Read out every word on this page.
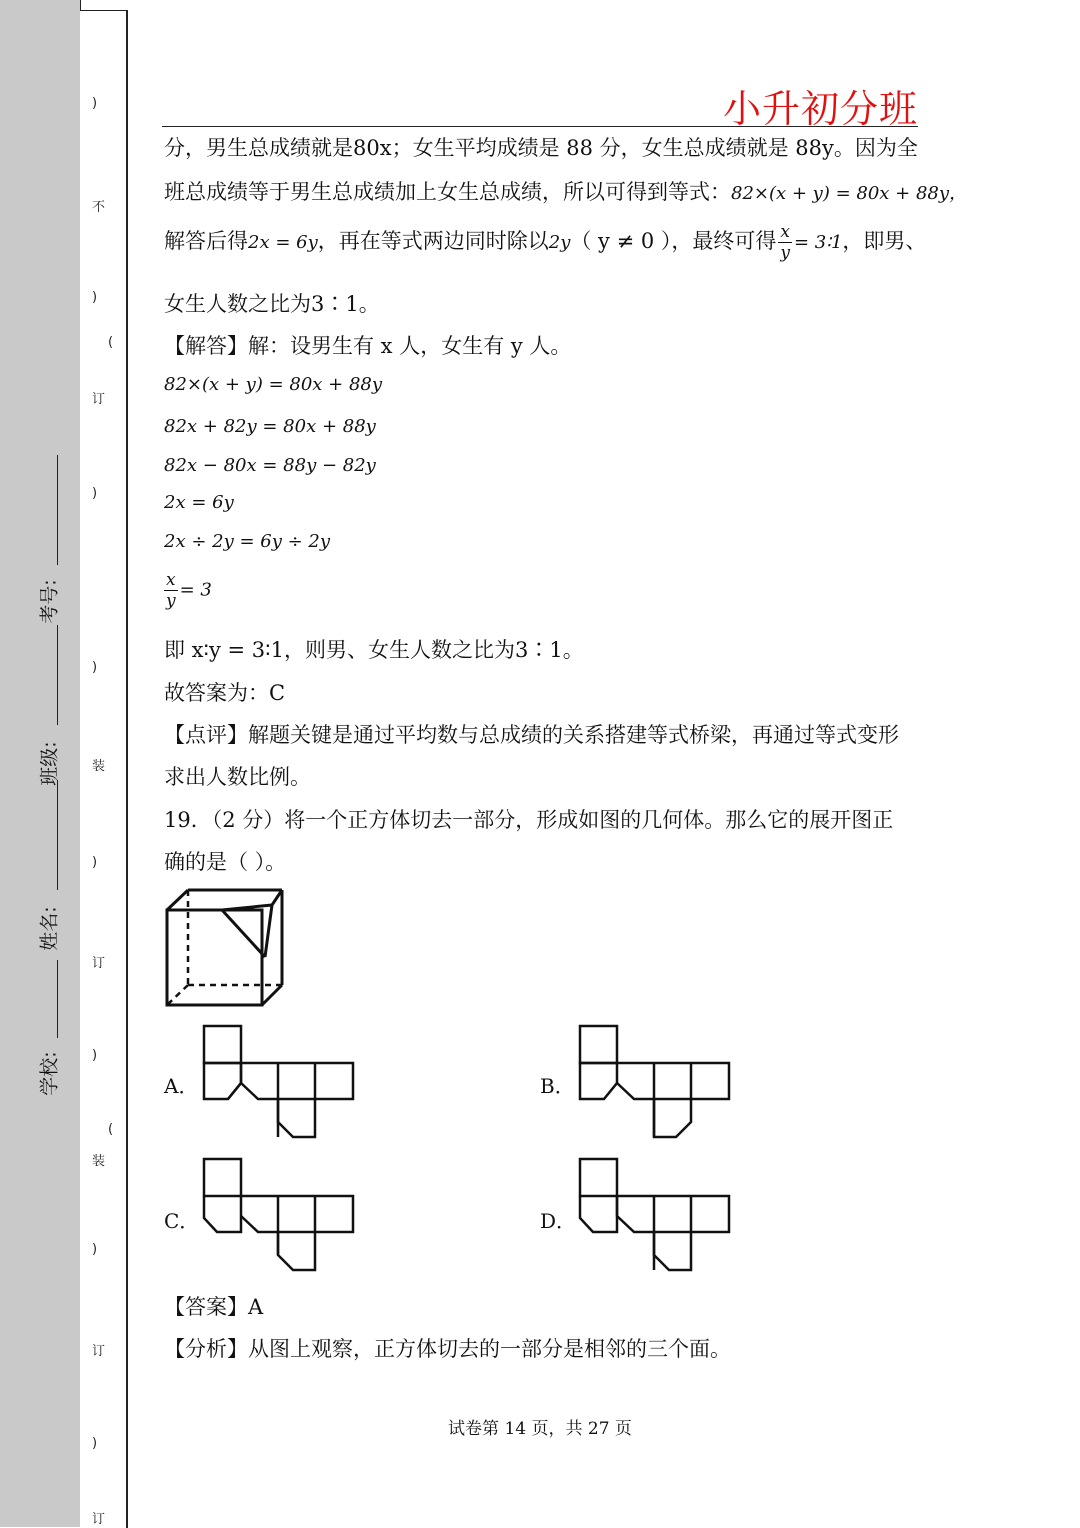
学校:
姓名:
班级:
考号:
)
不
)
(
订
)
)
装
)
订
)
(
装
)
订
)
订
小升初分班
分，男生总成绩就是80x；女生平均成绩是 88 分，女生总成绩就是 88y。因为全
班总成绩等于男生总成绩加上女生总成绩，所以可得到等式：82×(x + y) = 80x + 88y，
解答后得2x = 6y，再在等式两边同时除以2y（ y ≠ 0 ），最终可得 $\frac{x}{y}$ = 3∶1，即男、
女生人数之比为3∶1。
【解答】解：设男生有 x 人，女生有 y 人。
82×(x + y) = 80x + 88y
82x + 82y = 80x + 88y
82x − 80x = 88y − 82y
2x = 6y
2x ÷ 2y = 6y ÷ 2y
$\frac{x}{y} = 3$
即 x∶y = 3∶1，则男、女生人数之比为3∶1。
故答案为：C
【点评】解题关键是通过平均数与总成绩的关系搭建等式桥梁，再通过等式变形
求出人数比例。
19．（2 分）将一个正方体切去一部分，形成如图的几何体。那么它的展开图正
确的是（ ）。
A．	B．
C．	D．
【答案】A
【分析】从图上观察，正方体切去的一部分是相邻的三个面。
试卷第 14 页，共 27 页
